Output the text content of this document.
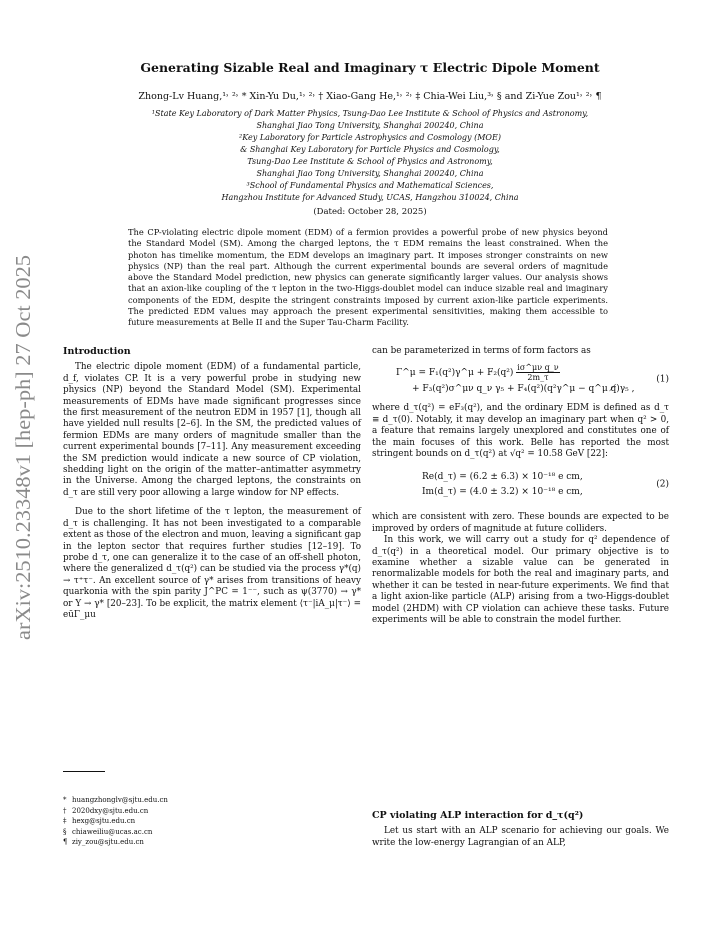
arXiv:2510.23348v1 [hep-ph] 27 Oct 2025
Generating Sizable Real and Imaginary τ Electric Dipole Moment
Zhong-Lv Huang,¹˒ ²˒ * Xin-Yu Du,¹˒ ²˒ † Xiao-Gang He,¹˒ ²˒ ‡ Chia-Wei Liu,³˒ § and Zi-Yue Zou¹˒ ²˒ ¶
¹State Key Laboratory of Dark Matter Physics, Tsung-Dao Lee Institute & School of Physics and Astronomy,
Shanghai Jiao Tong University, Shanghai 200240, China
²Key Laboratory for Particle Astrophysics and Cosmology (MOE)
& Shanghai Key Laboratory for Particle Physics and Cosmology,
Tsung-Dao Lee Institute & School of Physics and Astronomy,
Shanghai Jiao Tong University, Shanghai 200240, China
³School of Fundamental Physics and Mathematical Sciences,
Hangzhou Institute for Advanced Study, UCAS, Hangzhou 310024, China
(Dated: October 28, 2025)
The CP-violating electric dipole moment (EDM) of a fermion provides a powerful probe of new physics beyond the Standard Model (SM). Among the charged leptons, the τ EDM remains the least constrained. When the photon has timelike momentum, the EDM develops an imaginary part. It imposes stronger constraints on new physics (NP) than the real part. Although the current experimental bounds are several orders of magnitude above the Standard Model prediction, new physics can generate significantly larger values. Our analysis shows that an axion-like coupling of the τ lepton in the two-Higgs-doublet model can induce sizable real and imaginary components of the EDM, despite the stringent constraints imposed by current axion-like particle experiments. The predicted EDM values may approach the present experimental sensitivities, making them accessible to future measurements at Belle II and the Super Tau-Charm Facility.
Introduction

The electric dipole moment (EDM) of a fundamental particle, d_f, violates CP. It is a very powerful probe in studying new physics (NP) beyond the Standard Model (SM). Experimental measurements of EDMs have made significant progresses since the first measurement of the neutron EDM in 1957 [1], though all have yielded null results [2–6]. In the SM, the predicted values of fermion EDMs are many orders of magnitude smaller than the current experimental bounds [7–11]. Any measurement exceeding the SM prediction would indicate a new source of CP violation, shedding light on the origin of the matter–antimatter asymmetry in the Universe. Among the charged leptons, the constraints on d_τ are still very poor allowing a large window for NP effects.

Due to the short lifetime of the τ lepton, the measurement of d_τ is challenging. It has not been investigated to a comparable extent as those of the electron and muon, leaving a significant gap in the lepton sector that requires further studies [12–19]. To probe d_τ, one can generalize it to the case of an off-shell photon, where the generalized d_τ(q²) can be studied via the process γ*(q) → τ⁺τ⁻. An excellent source of γ* arises from transitions of heavy quarkonia with the spin parity J^PC = 1⁻⁻, such as ψ(3770) → γ* or Υ → γ* [20–23]. To be explicit, the matrix element ⟨τ⁻|iA_μ|τ⁻⟩ = eūΓ_μu

can be parameterized in terms of form factors as

Γ^μ = F₁(q²)γ^μ + $F_2(q^2) \frac{\text{iσ\textasciicircum{}μν q\_ν}}{2m\_\tau}$
+ F₃(q²)σ^μν q_ν γ₅ + F₄(q²)(q²γ^μ − q^μ q̸)γ₅ ,
(1)

where d_τ(q²) = eF₃(q²), and the ordinary EDM is defined as d_τ ≡ d_τ(0). Notably, it may develop an imaginary part when q² > 0, a feature that remains largely unexplored and constitutes one of the main focuses of this work. Belle has reported the most stringent bounds on d_τ(q²) at √q² = 10.58 GeV [22]:

Re(d_τ) = (6.2 ± 6.3) × 10⁻¹⁸ e cm,
Im(d_τ) = (4.0 ± 3.2) × 10⁻¹⁸ e cm,
(2)

which are consistent with zero. These bounds are expected to be improved by orders of magnitude at future colliders.

In this work, we will carry out a study for q² dependence of d_τ(q²) in a theoretical model. Our primary objective is to examine whether a sizable value can be generated in renormalizable models for both the real and imaginary parts, and whether it can be tested in near-future experiments. We find that a light axion-like particle (ALP) arising from a two-Higgs-doublet model (2HDM) with CP violation can achieve these tasks. Future experiments will be able to constrain the model further.

CP violating ALP interaction for d_τ(q²)

Let us start with an ALP scenario for achieving our goals. We write the low-energy Lagrangian of an ALP,

* huangzhonglv@sjtu.edu.cn
† 2020dxy@sjtu.edu.cn
‡ hexg@sjtu.edu.cn
§ chiaweiliu@ucas.ac.cn
¶ ziy_zou@sjtu.edu.cn
